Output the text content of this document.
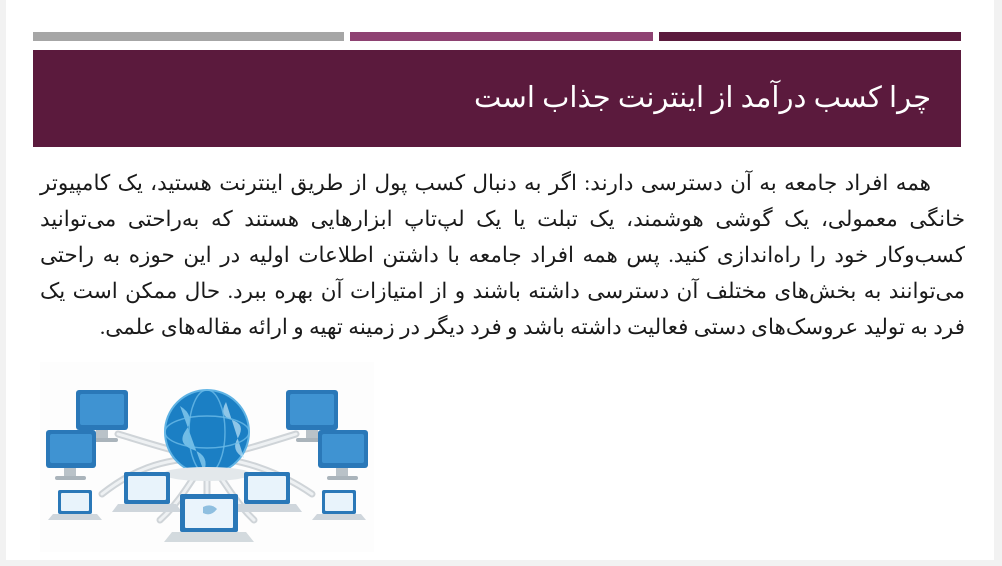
چرا کسب درآمد از اینترنت جذاب است

همه افراد جامعه به آن دسترسی دارند: اگر به دنبال کسب پول از طریق اینترنت هستید، یک کامپیوتر خانگی معمولی، یک گوشی هوشمند، یک تبلت یا یک لپ‌تاپ ابزارهایی هستند که به‌راحتی می‌توانید کسب‌وکار خود را راه‌اندازی کنید. پس همه افراد جامعه با داشتن اطلاعات اولیه در این حوزه به راحتی می‌توانند به بخش‌های مختلف آن دسترسی داشته باشند و از امتیازات آن بهره ببرد. حال ممکن است یک فرد به تولید عروسک‌های دستی فعالیت داشته باشد و فرد دیگر در زمینه تهیه و ارائه مقاله‌های علمی.
